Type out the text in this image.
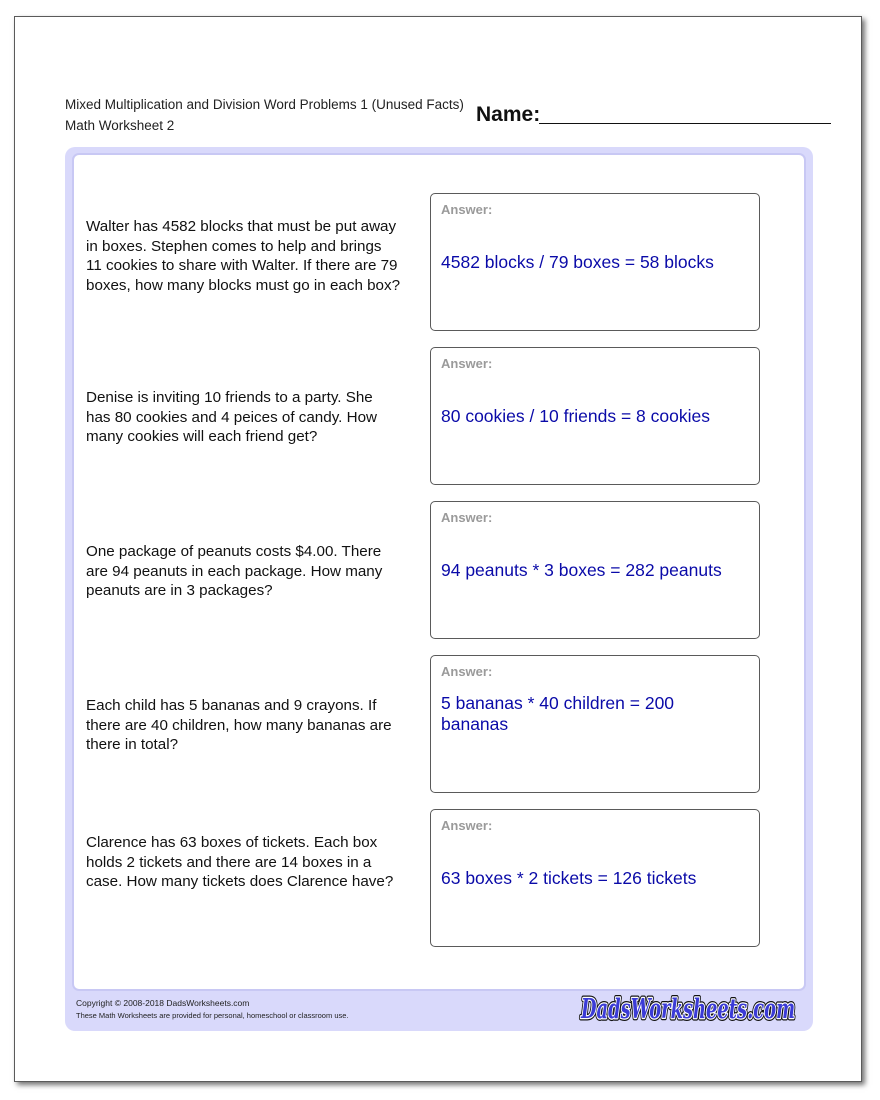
Mixed Multiplication and Division Word Problems 1 (Unused Facts)
Math Worksheet 2	Name:
Walter has 4582 blocks that must be put away in boxes. Stephen comes to help and brings 11 cookies to share with Walter. If there are 79 boxes, how many blocks must go in each box?
Answer:
4582 blocks / 79 boxes = 58 blocks
Denise is inviting 10 friends to a party. She has 80 cookies and 4 peices of candy. How many cookies will each friend get?
Answer:
80 cookies / 10 friends = 8 cookies
One package of peanuts costs $4.00. There are 94 peanuts in each package. How many peanuts are in 3 packages?
Answer:
94 peanuts * 3 boxes = 282 peanuts
Each child has 5 bananas and 9 crayons. If there are 40 children, how many bananas are there in total?
Answer:
5 bananas * 40 children = 200 bananas
Clarence has 63 boxes of tickets. Each box holds 2 tickets and there are 14 boxes in a case. How many tickets does Clarence have?
Answer:
63 boxes * 2 tickets = 126 tickets
Copyright © 2008-2018 DadsWorksheets.com
These Math Worksheets are provided for personal, homeschool or classroom use.	DadsWorksheets.com
DadsWorksheets.com
DadsWorksheets.com
